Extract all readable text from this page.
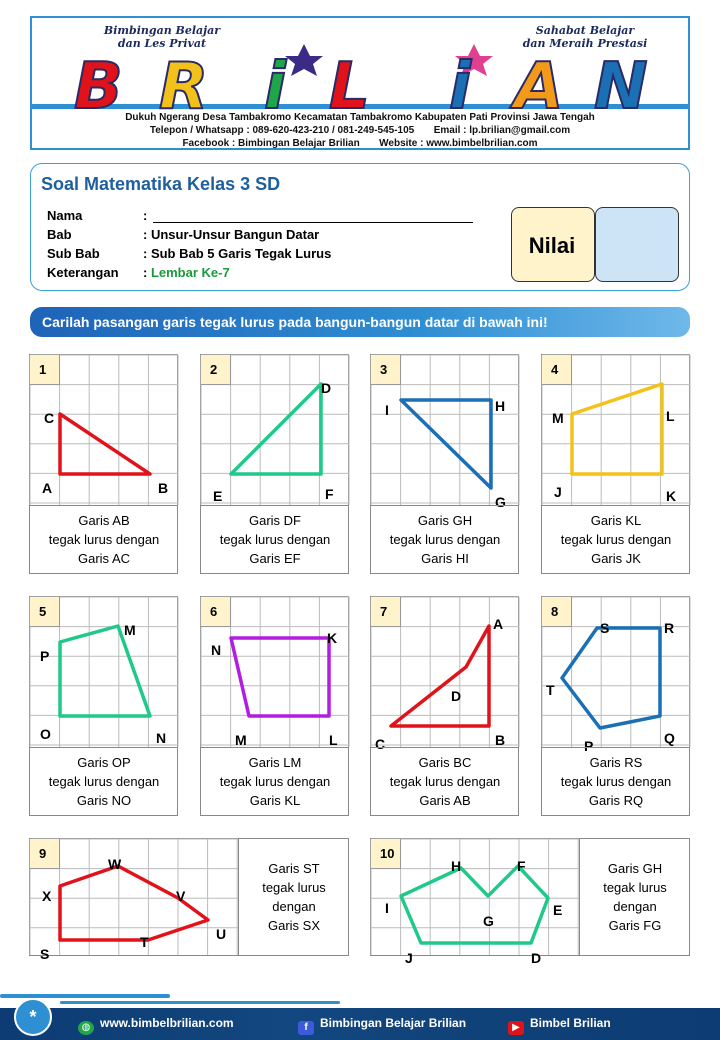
Bimbingan Belajar
dan Les Privat
Sahabat Belajar
dan Meraih Prestasi
B R i L i A N
Dukuh Ngerang Desa Tambakromo Kecamatan Tambakromo Kabupaten Pati Provinsi Jawa Tengah
Telepon / Whatsapp : 089-620-423-210 / 081-249-545-105       Email : lp.brilian@gmail.com
Facebook : Bimbingan Belajar Brilian       Website : www.bimbelbrilian.com
Soal Matematika Kelas 3 SD
Nama	:
Bab	: Unsur-Unsur Bangun Datar
Sub Bab	: Sub Bab 5 Garis Tegak Lurus
Keterangan	: Lembar Ke-7
Nilai
Carilah pasangan garis tegak lurus pada bangun-bangun datar di bawah ini!
C
A	B
1
Garis AB
tegak lurus dengan
Garis AC
D
E	F
2
Garis DF
tegak lurus dengan
Garis EF
I	H
G
3
Garis GH
tegak lurus dengan
Garis HI
M	L
J	K
4
Garis KL
tegak lurus dengan
Garis JK
M
P
O	N
5
Garis OP
tegak lurus dengan
Garis NO
K
N
M	L
6
Garis LM
tegak lurus dengan
Garis KL
A
D
C	B
7
Garis BC
tegak lurus dengan
Garis AB
S	R
T
Q
P
8
Garis RS
tegak lurus dengan
Garis RQ
W
X	V
U
T
S
9
Garis ST
tegak lurus
dengan
Garis SX
H	F
I
G
E
J	D
10
Garis GH
tegak lurus
dengan
Garis FG
*
◍ www.bimbelbrilian.com	f Bimbingan Belajar Brilian	▶ Bimbel Brilian
